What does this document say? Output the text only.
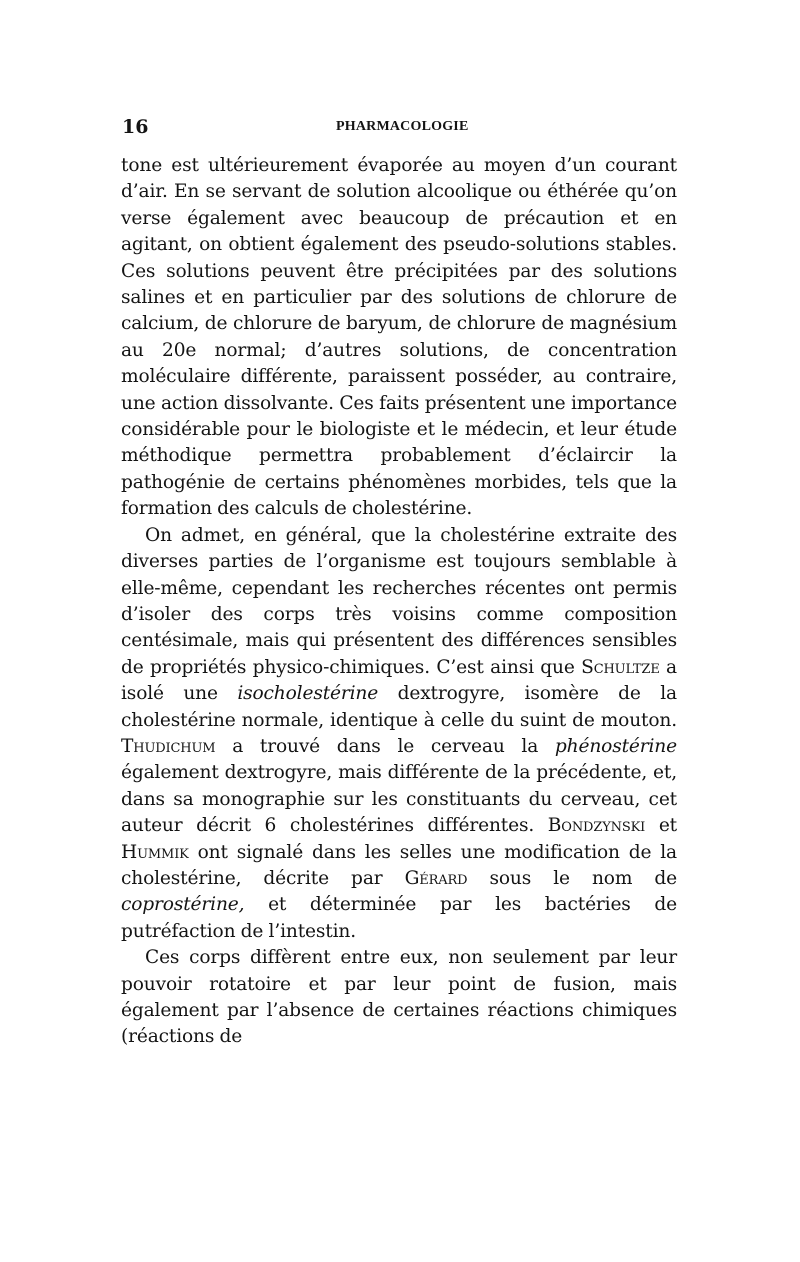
16	PHARMACOLOGIE

tone est ultérieurement évaporée au moyen d’un courant d’air. En se servant de solution alcoolique ou éthérée qu’on verse également avec beaucoup de précaution et en agitant, on obtient également des pseudo-solutions stables. Ces solutions peuvent être précipitées par des solutions salines et en particulier par des solutions de chlorure de calcium, de chlorure de baryum, de chlorure de magnésium au 20e normal; d’autres solutions, de concentration moléculaire différente, paraissent posséder, au contraire, une action dissolvante. Ces faits présentent une importance considérable pour le biologiste et le médecin, et leur étude méthodique permettra probablement d’éclaircir la pathogénie de certains phénomènes morbides, tels que la formation des calculs de cholestérine.

On admet, en général, que la cholestérine extraite des diverses parties de l’organisme est toujours semblable à elle-même, cependant les recherches récentes ont permis d’isoler des corps très voisins comme composition centésimale, mais qui présentent des différences sensibles de propriétés physico-chimiques. C’est ainsi que Schultze a isolé une isocholestérine dextrogyre, isomère de la cholestérine normale, identique à celle du suint de mouton. Thudichum a trouvé dans le cerveau la phénostérine également dextrogyre, mais différente de la précédente, et, dans sa monographie sur les constituants du cerveau, cet auteur décrit 6 cholestérines différentes. Bondzynski et Hummik ont signalé dans les selles une modification de la cholestérine, décrite par Gérard sous le nom de coprostérine, et déterminée par les bactéries de putréfaction de l’intestin.

Ces corps diffèrent entre eux, non seulement par leur pouvoir rotatoire et par leur point de fusion, mais également par l’absence de certaines réactions chimiques (réactions de
